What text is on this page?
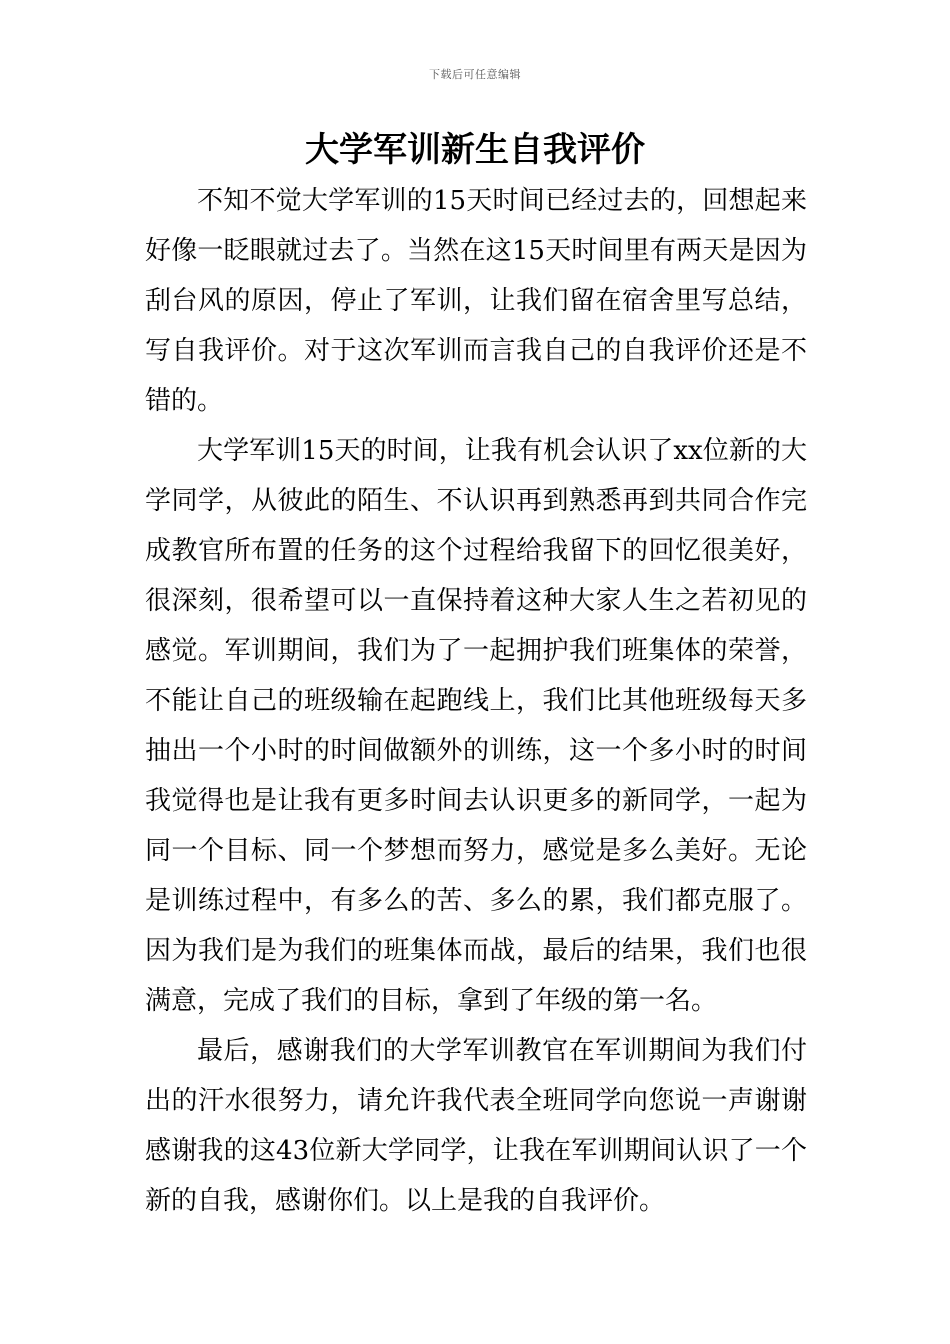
下载后可任意编辑
大学军训新生自我评价

不知不觉大学军训的15天时间已经过去的，回想起来好像一眨眼就过去了。当然在这15天时间里有两天是因为刮台风的原因，停止了军训，让我们留在宿舍里写总结，写自我评价。对于这次军训而言我自己的自我评价还是不错的。

大学军训15天的时间，让我有机会认识了xx位新的大学同学，从彼此的陌生、不认识再到熟悉再到共同合作完成教官所布置的任务的这个过程给我留下的回忆很美好，很深刻，很希望可以一直保持着这种大家人生之若初见的感觉。军训期间，我们为了一起拥护我们班集体的荣誉，不能让自己的班级输在起跑线上，我们比其他班级每天多抽出一个小时的时间做额外的训练，这一个多小时的时间我觉得也是让我有更多时间去认识更多的新同学，一起为同一个目标、同一个梦想而努力，感觉是多么美好。无论是训练过程中，有多么的苦、多么的累，我们都克服了。因为我们是为我们的班集体而战，最后的结果，我们也很满意，完成了我们的目标，拿到了年级的第一名。

最后，感谢我们的大学军训教官在军训期间为我们付出的汗水很努力，请允许我代表全班同学向您说一声谢谢感谢我的这43位新大学同学，让我在军训期间认识了一个新的自我，感谢你们。以上是我的自我评价。
